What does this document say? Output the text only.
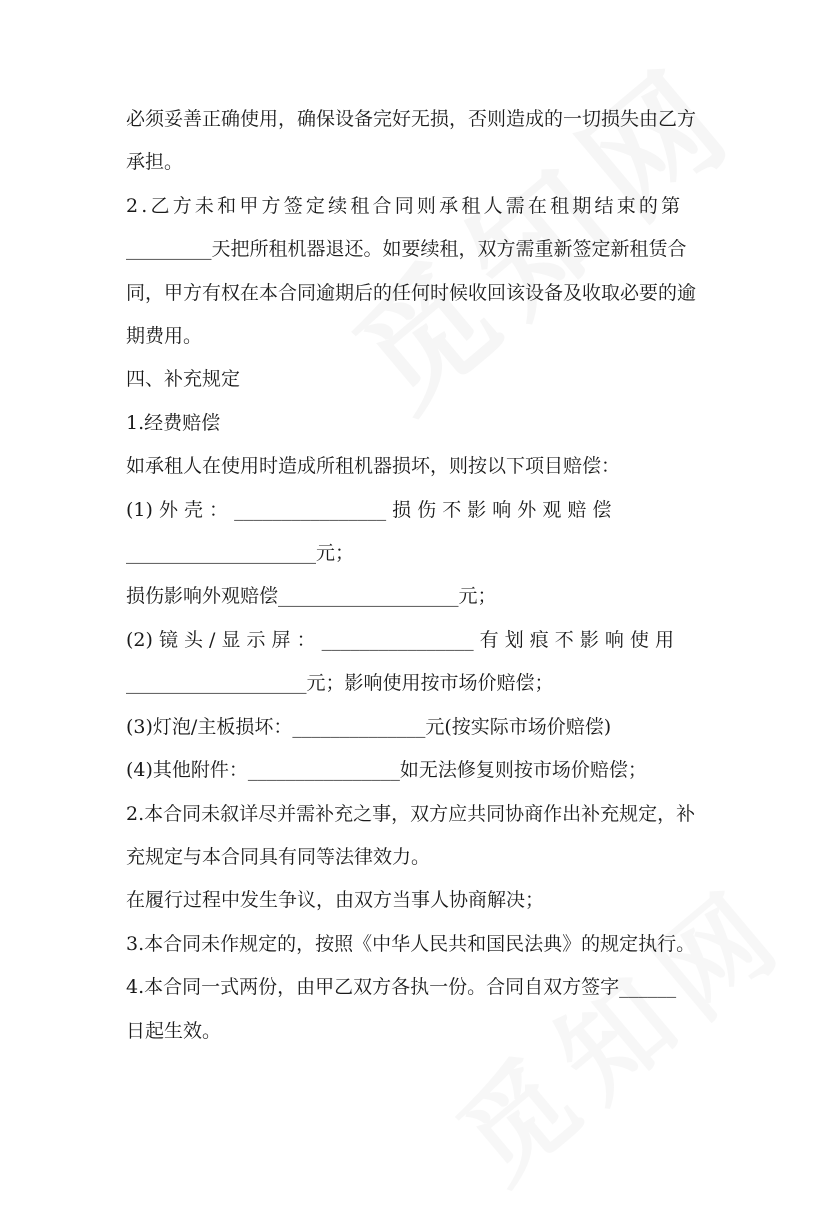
必须妥善正确使用，确保设备完好无损，否则造成的一切损失由乙方
承担。
2.乙方未和甲方签定续租合同则承租人需在租期结束的第
_________天把所租机器退还。如要续租，双方需重新签定新租赁合
同，甲方有权在本合同逾期后的任何时候收回该设备及收取必要的逾
期费用。
四、补充规定
1.经费赔偿
如承租人在使用时造成所租机器损坏，则按以下项目赔偿：
(1) 外 壳 ： ________________ 损 伤 不 影 响 外 观 赔 偿
____________________元；
损伤影响外观赔偿___________________元；
(2) 镜 头 / 显 示 屏 ： ________________ 有 划 痕 不 影 响 使 用
___________________元；影响使用按市场价赔偿；
(3)灯泡/主板损坏：______________元(按实际市场价赔偿)
(4)其他附件：________________如无法修复则按市场价赔偿；
2.本合同未叙详尽并需补充之事，双方应共同协商作出补充规定，补
充规定与本合同具有同等法律效力。
在履行过程中发生争议，由双方当事人协商解决；
3.本合同未作规定的，按照《中华人民共和国民法典》的规定执行。
4.本合同一式两份，由甲乙双方各执一份。合同自双方签字______
日起生效。
